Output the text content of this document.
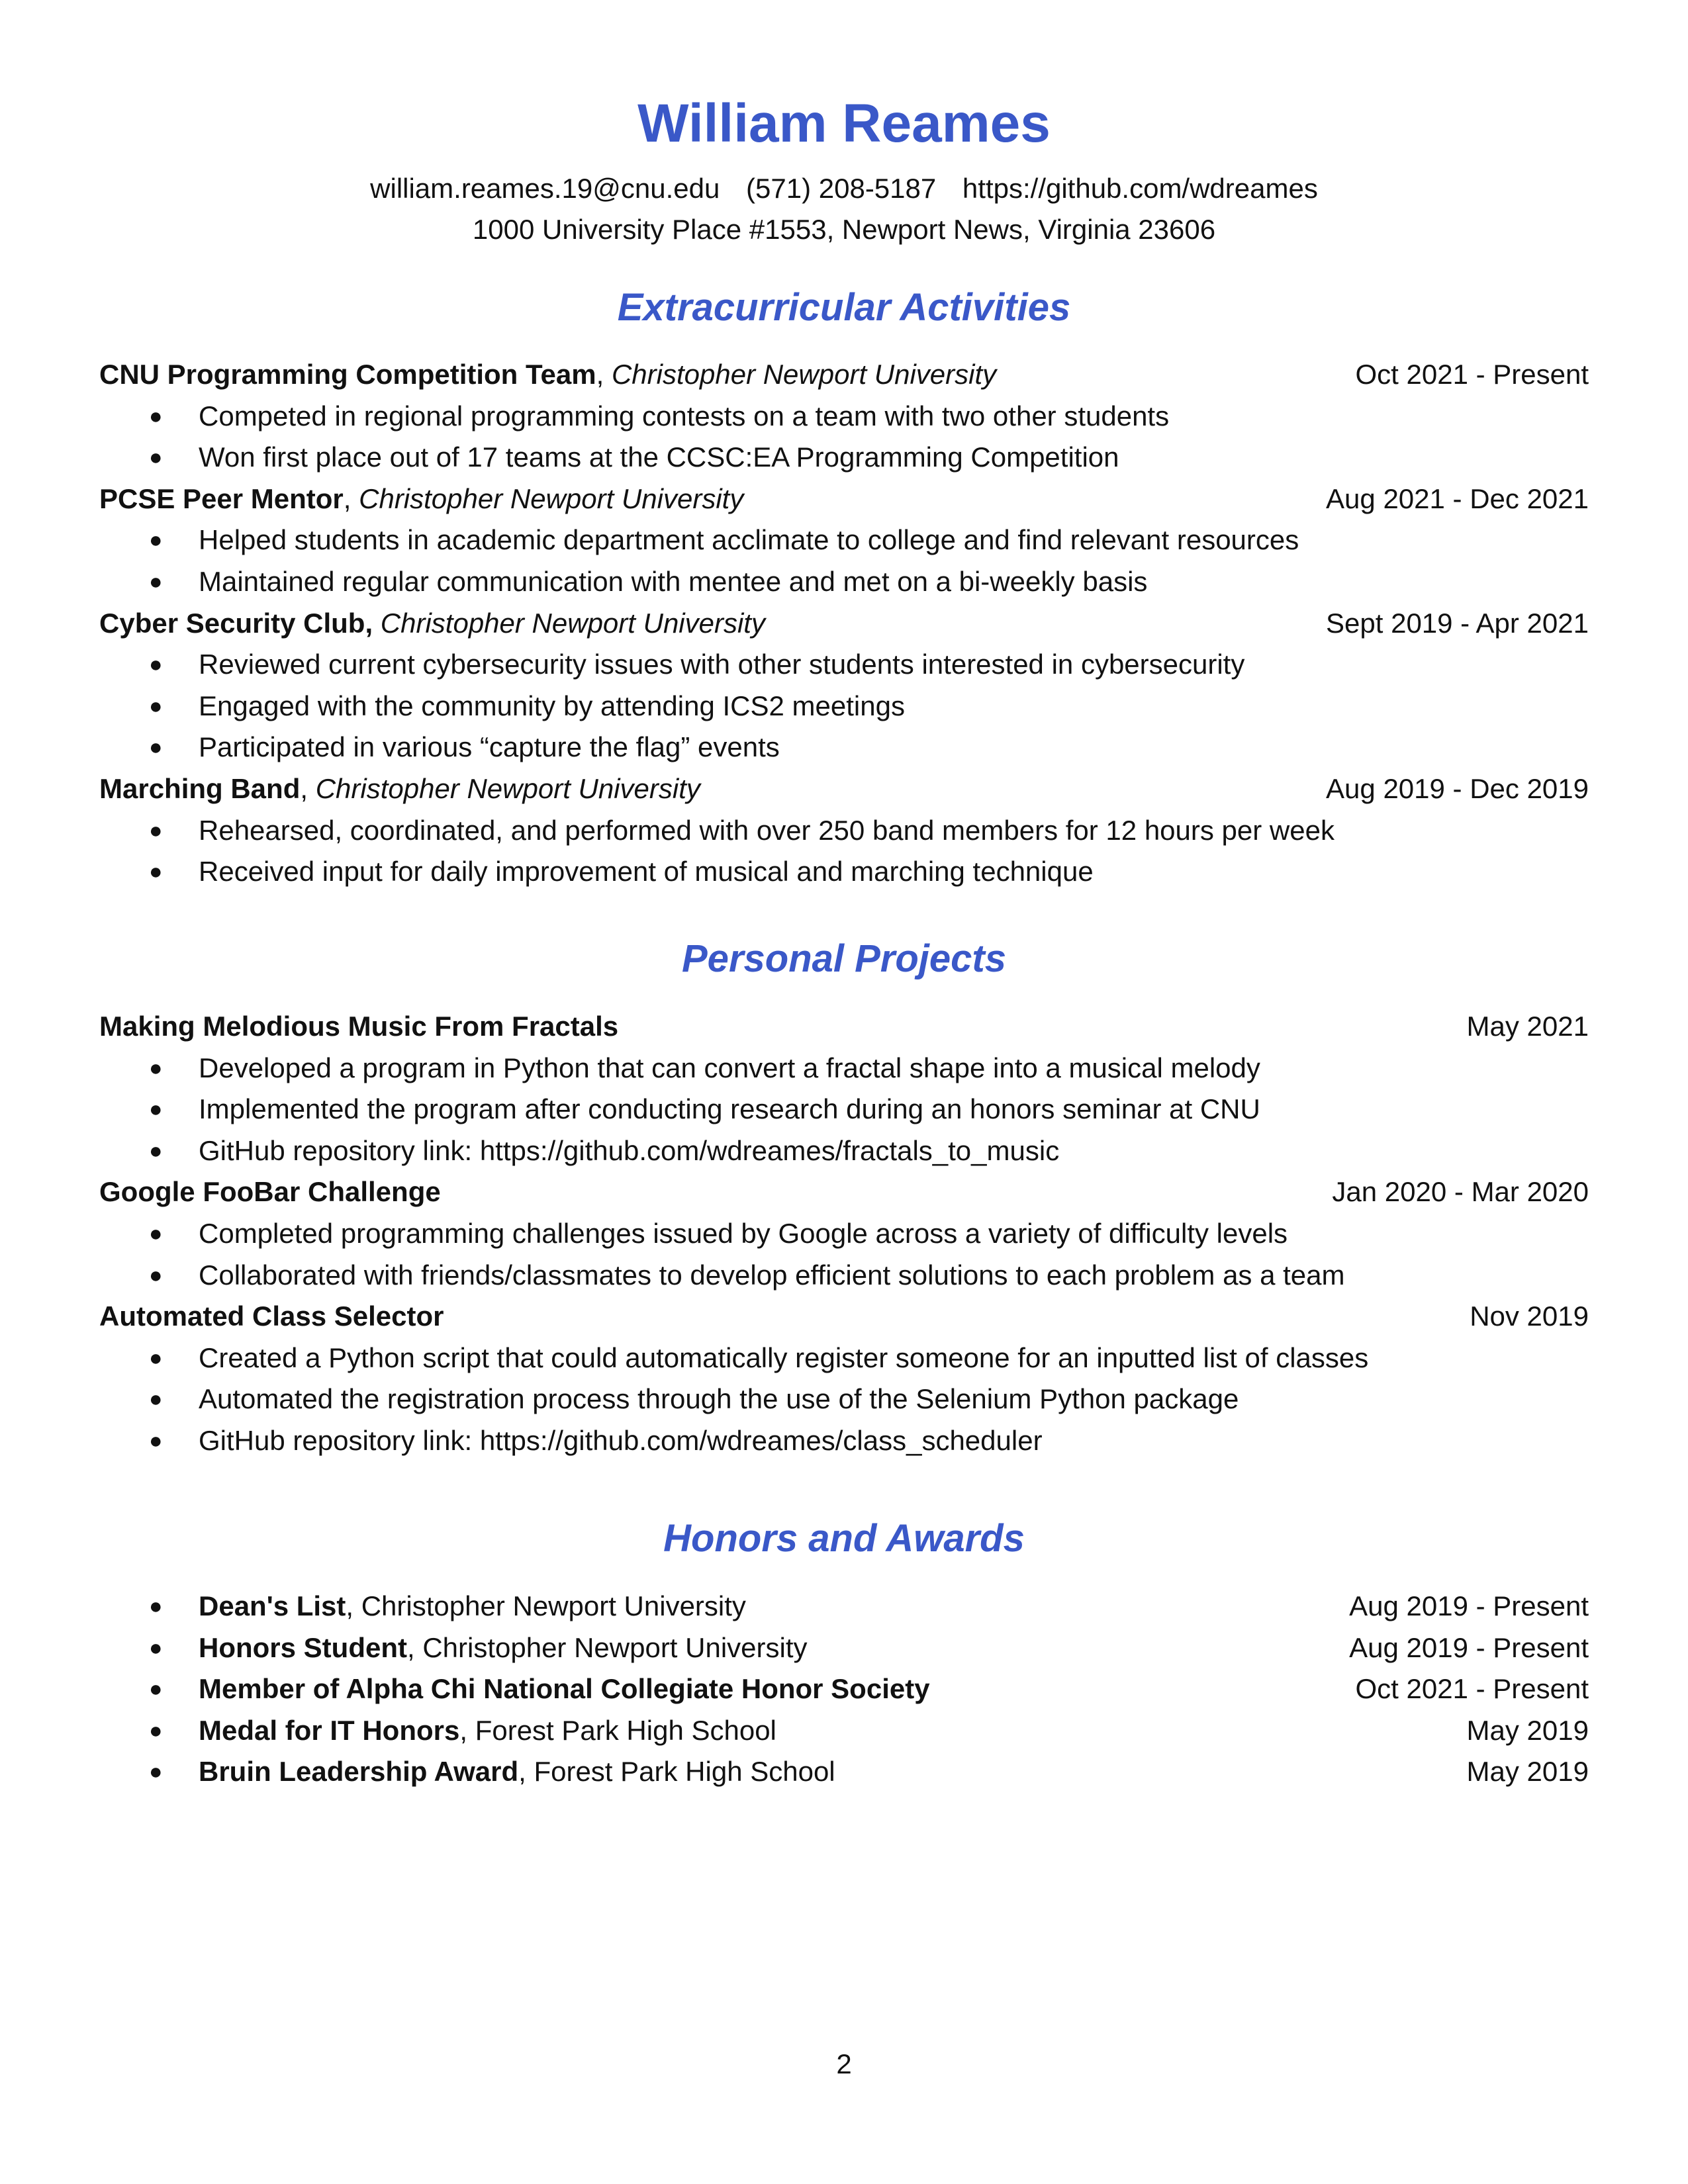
William Reames
william.reames.19@cnu.edu (571) 208-5187 https://github.com/wdreames
1000 University Place #1553, Newport News, Virginia 23606
Extracurricular Activities
CNU Programming Competition Team, Christopher Newport University	Oct 2021 - Present
● Competed in regional programming contests on a team with two other students
● Won first place out of 17 teams at the CCSC:EA Programming Competition
PCSE Peer Mentor, Christopher Newport University	Aug 2021 - Dec 2021
● Helped students in academic department acclimate to college and find relevant resources
● Maintained regular communication with mentee and met on a bi-weekly basis
Cyber Security Club, Christopher Newport University	Sept 2019 - Apr 2021
● Reviewed current cybersecurity issues with other students interested in cybersecurity
● Engaged with the community by attending ICS2 meetings
● Participated in various “capture the flag” events
Marching Band, Christopher Newport University	Aug 2019 - Dec 2019
● Rehearsed, coordinated, and performed with over 250 band members for 12 hours per week
● Received input for daily improvement of musical and marching technique
Personal Projects
Making Melodious Music From Fractals	May 2021
● Developed a program in Python that can convert a fractal shape into a musical melody
● Implemented the program after conducting research during an honors seminar at CNU
● GitHub repository link: https://github.com/wdreames/fractals_to_music
Google FooBar Challenge	Jan 2020 - Mar 2020
● Completed programming challenges issued by Google across a variety of difficulty levels
● Collaborated with friends/classmates to develop efficient solutions to each problem as a team
Automated Class Selector	Nov 2019
● Created a Python script that could automatically register someone for an inputted list of classes
● Automated the registration process through the use of the Selenium Python package
● GitHub repository link: https://github.com/wdreames/class_scheduler
Honors and Awards
● Dean's List, Christopher Newport University	Aug 2019 - Present
● Honors Student, Christopher Newport University	Aug 2019 - Present
● Member of Alpha Chi National Collegiate Honor Society	Oct 2021 - Present
● Medal for IT Honors, Forest Park High School	May 2019
● Bruin Leadership Award, Forest Park High School	May 2019
2
